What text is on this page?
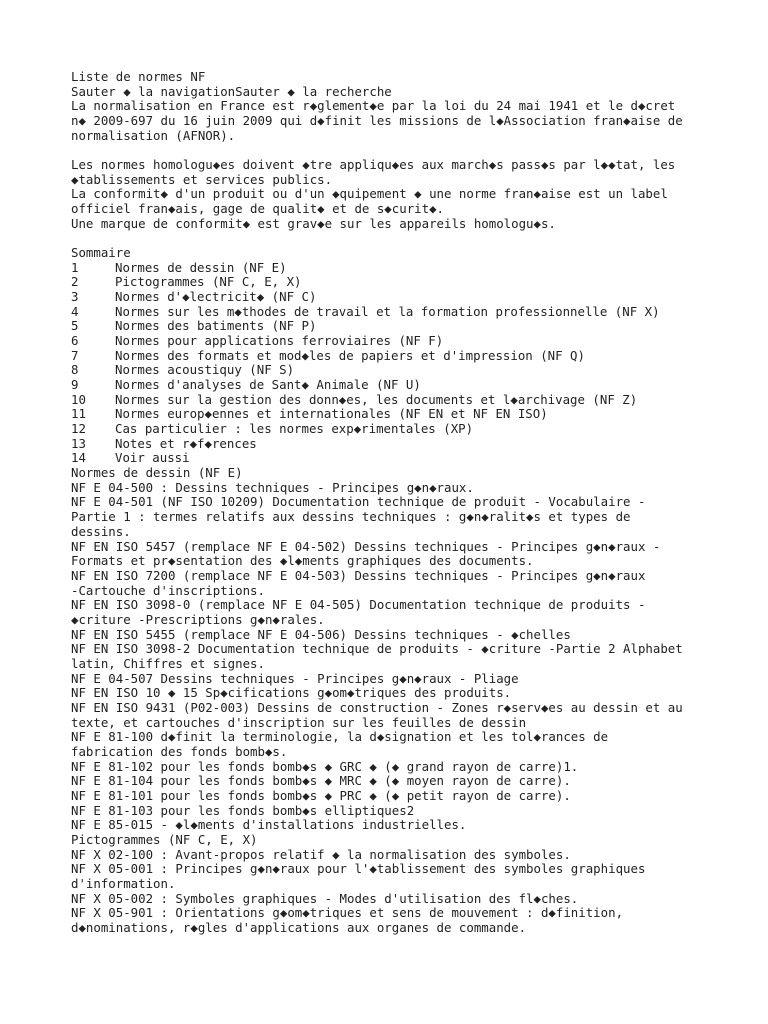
Liste de normes NF
Sauter ◆ la navigationSauter ◆ la recherche
La normalisation en France est r◆glement◆e par la loi du 24 mai 1941 et le d◆cret
n◆ 2009-697 du 16 juin 2009 qui d◆finit les missions de l◆Association fran◆aise de
normalisation (AFNOR).
Les normes homologu◆es doivent ◆tre appliqu◆es aux march◆s pass◆s par l◆◆tat, les
◆tablissements et services publics.
La conformit◆ d'un produit ou d'un ◆quipement ◆ une norme fran◆aise est un label
officiel fran◆ais, gage de qualit◆ et de s◆curit◆.
Une marque de conformit◆ est grav◆e sur les appareils homologu◆s.
Sommaire
1	Normes de dessin (NF E)
2	Pictogrammes (NF C, E, X)
3	Normes d'◆lectricit◆ (NF C)
4	Normes sur les m◆thodes de travail et la formation professionnelle (NF X)
5	Normes des batiments (NF P)
6	Normes pour applications ferroviaires (NF F)
7	Normes des formats et mod◆les de papiers et d'impression (NF Q)
8	Normes acoustiquy (NF S)
9	Normes d'analyses de Sant◆ Animale (NF U)
10	Normes sur la gestion des donn◆es, les documents et l◆archivage (NF Z)
11	Normes europ◆ennes et internationales (NF EN et NF EN ISO)
12	Cas particulier : les normes exp◆rimentales (XP)
13	Notes et r◆f◆rences
14	Voir aussi
Normes de dessin (NF E)
NF E 04-500 : Dessins techniques - Principes g◆n◆raux.
NF E 04-501 (NF ISO 10209) Documentation technique de produit - Vocabulaire -
Partie 1 : termes relatifs aux dessins techniques : g◆n◆ralit◆s et types de
dessins.
NF EN ISO 5457 (remplace NF E 04-502) Dessins techniques - Principes g◆n◆raux -
Formats et pr◆sentation des ◆l◆ments graphiques des documents.
NF EN ISO 7200 (remplace NF E 04-503) Dessins techniques - Principes g◆n◆raux
-Cartouche d'inscriptions.
NF EN ISO 3098-0 (remplace NF E 04-505) Documentation technique de produits -
◆criture -Prescriptions g◆n◆rales.
NF EN ISO 5455 (remplace NF E 04-506) Dessins techniques - ◆chelles
NF EN ISO 3098-2 Documentation technique de produits - ◆criture -Partie 2 Alphabet
latin, Chiffres et signes.
NF E 04-507 Dessins techniques - Principes g◆n◆raux - Pliage
NF EN ISO 10 ◆ 15 Sp◆cifications g◆om◆triques des produits.
NF EN ISO 9431 (P02-003) Dessins de construction - Zones r◆serv◆es au dessin et au
texte, et cartouches d'inscription sur les feuilles de dessin
NF E 81-100 d◆finit la terminologie, la d◆signation et les tol◆rances de
fabrication des fonds bomb◆s.
NF E 81-102 pour les fonds bomb◆s ◆ GRC ◆ (◆ grand rayon de carre)1.
NF E 81-104 pour les fonds bomb◆s ◆ MRC ◆ (◆ moyen rayon de carre).
NF E 81-101 pour les fonds bomb◆s ◆ PRC ◆ (◆ petit rayon de carre).
NF E 81-103 pour les fonds bomb◆s elliptiques2
NF E 85-015 - ◆l◆ments d'installations industrielles.
Pictogrammes (NF C, E, X)
NF X 02-100 : Avant-propos relatif ◆ la normalisation des symboles.
NF X 05-001 : Principes g◆n◆raux pour l'◆tablissement des symboles graphiques
d'information.
NF X 05-002 : Symboles graphiques - Modes d'utilisation des fl◆ches.
NF X 05-901 : Orientations g◆om◆triques et sens de mouvement : d◆finition,
d◆nominations, r◆gles d'applications aux organes de commande.
